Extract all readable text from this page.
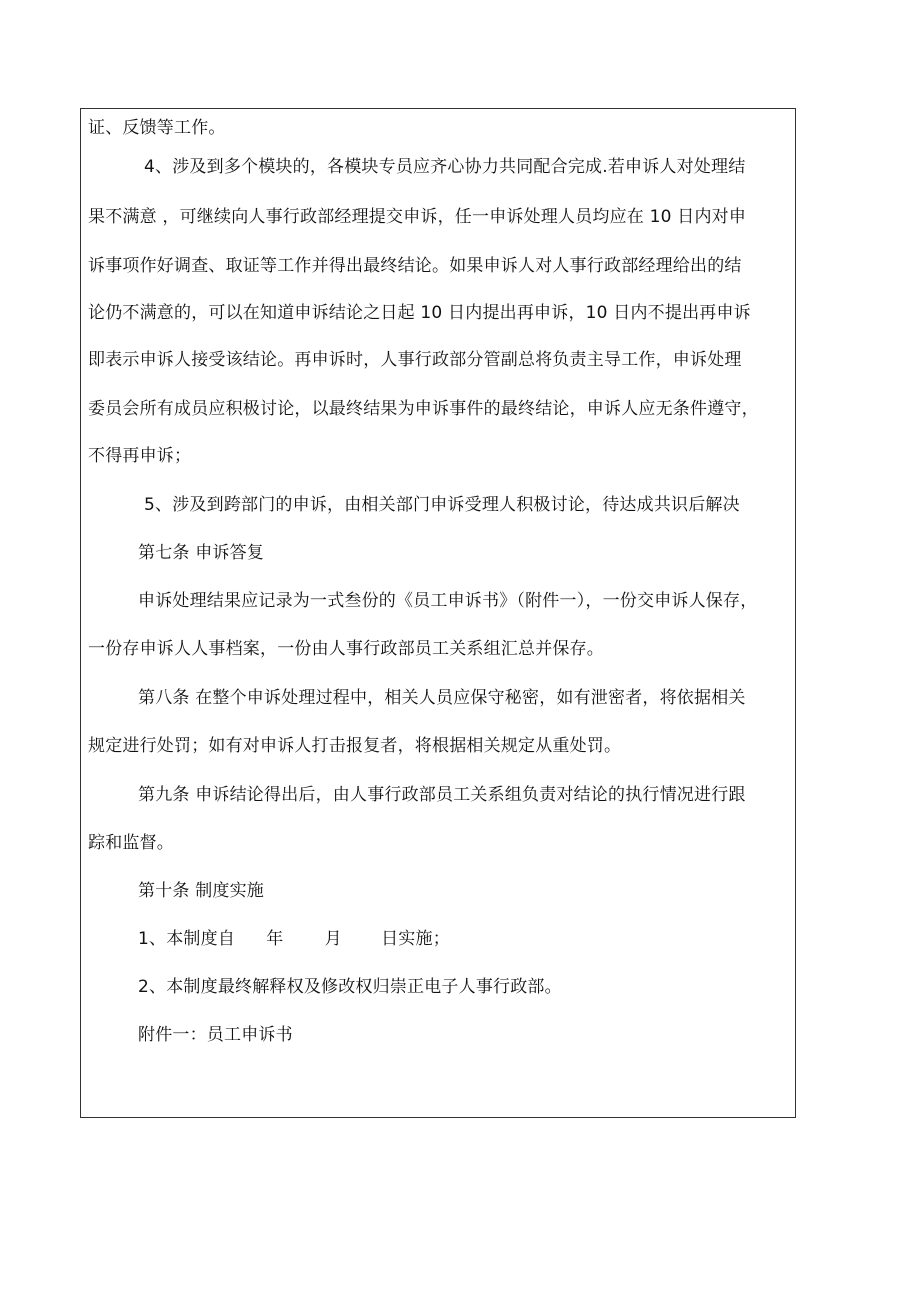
证、反馈等工作。
4、涉及到多个模块的，各模块专员应齐心协力共同配合完成.若申诉人对处理结
果不满意 ，可继续向人事行政部经理提交申诉，任一申诉处理人员均应在 10 日内对申
诉事项作好调查、取证等工作并得出最终结论。如果申诉人对人事行政部经理给出的结
论仍不满意的，可以在知道申诉结论之日起 10 日内提出再申诉，10 日内不提出再申诉
即表示申诉人接受该结论。再申诉时，人事行政部分管副总将负责主导工作，申诉处理
委员会所有成员应积极讨论，以最终结果为申诉事件的最终结论，申诉人应无条件遵守，
不得再申诉；
5、涉及到跨部门的申诉，由相关部门申诉受理人积极讨论，待达成共识后解决
第七条 申诉答复
申诉处理结果应记录为一式叁份的《员工申诉书》（附件一），一份交申诉人保存，
一份存申诉人人事档案，一份由人事行政部员工关系组汇总并保存。
第八条 在整个申诉处理过程中，相关人员应保守秘密，如有泄密者，将依据相关
规定进行处罚；如有对申诉人打击报复者，将根据相关规定从重处罚。
第九条 申诉结论得出后，由人事行政部员工关系组负责对结论的执行情况进行跟
踪和监督。
第十条 制度实施
1、本制度自 年 月 日实施；
2、本制度最终解释权及修改权归崇正电子人事行政部。
附件一：员工申诉书
